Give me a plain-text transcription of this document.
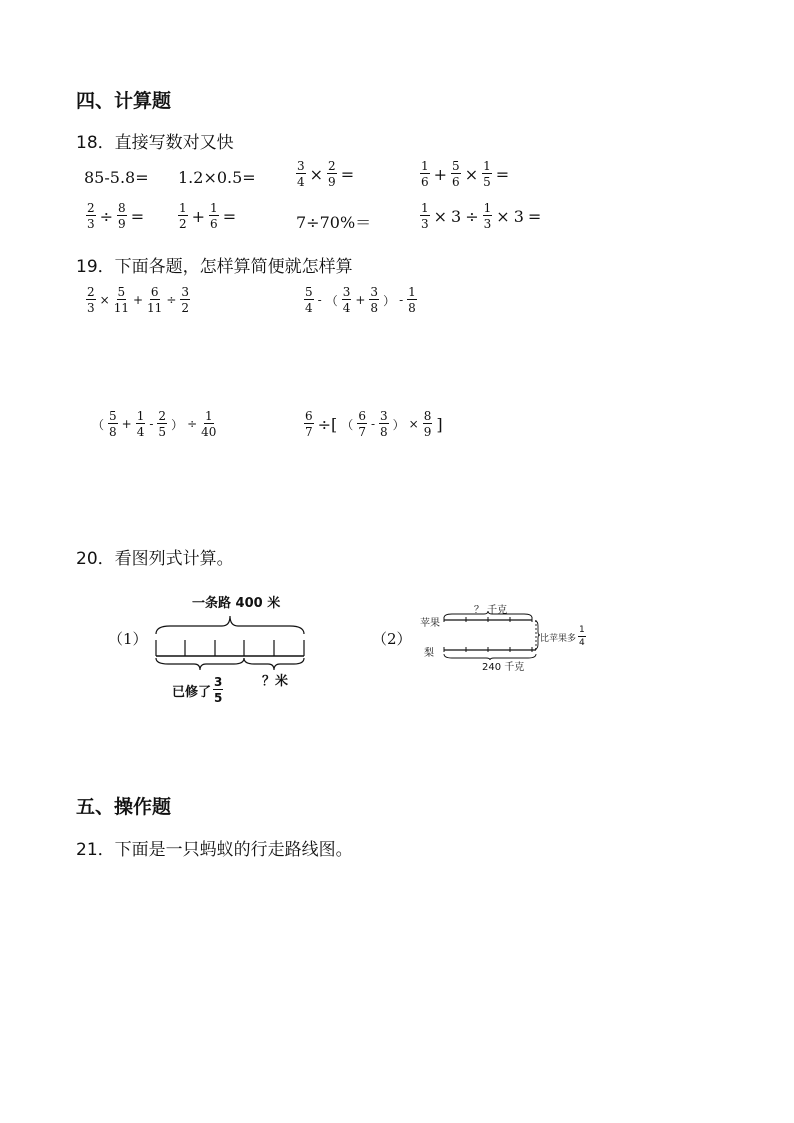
四、计算题
18．直接写数对又快
85-5.8= 1.2×0.5=	$\frac{3}{4} \times \frac{2}{9}$ =	$\frac{1}{6} + \frac{5}{6} \times \frac{1}{5}$ =
$\frac{2}{3} \div \frac{8}{9}$ =	$\frac{1}{2} + \frac{1}{6}$ =	7÷70%＝	$\frac{1}{3} \times 3 \div \frac{1}{3} \times 3$ =
19．下面各题，怎样算简便就怎样算
$\frac{2}{3} \times \frac{5}{11} + \frac{6}{11} \div \frac{3}{2}$	$\frac{5}{4}$ - （ $\frac{3}{4} + \frac{3}{8}$ ） - $\frac{1}{8}$
（ $\frac{5}{8} + \frac{1}{4} - \frac{2}{5}$ ） ÷ $\frac{1}{40}$	$\frac{6}{7}$ ÷[ （ $\frac{6}{7} - \frac{3}{8}$ ） × $\frac{8}{9}$ ]
20．看图列式计算。
（1）
一条路 400 米
已修了 $\frac{3}{5}$	？米
（2）
苹果
梨
？ 千克
240 千克
比苹果多 $\frac{1}{4}$
五、操作题
21．下面是一只蚂蚁的行走路线图。
